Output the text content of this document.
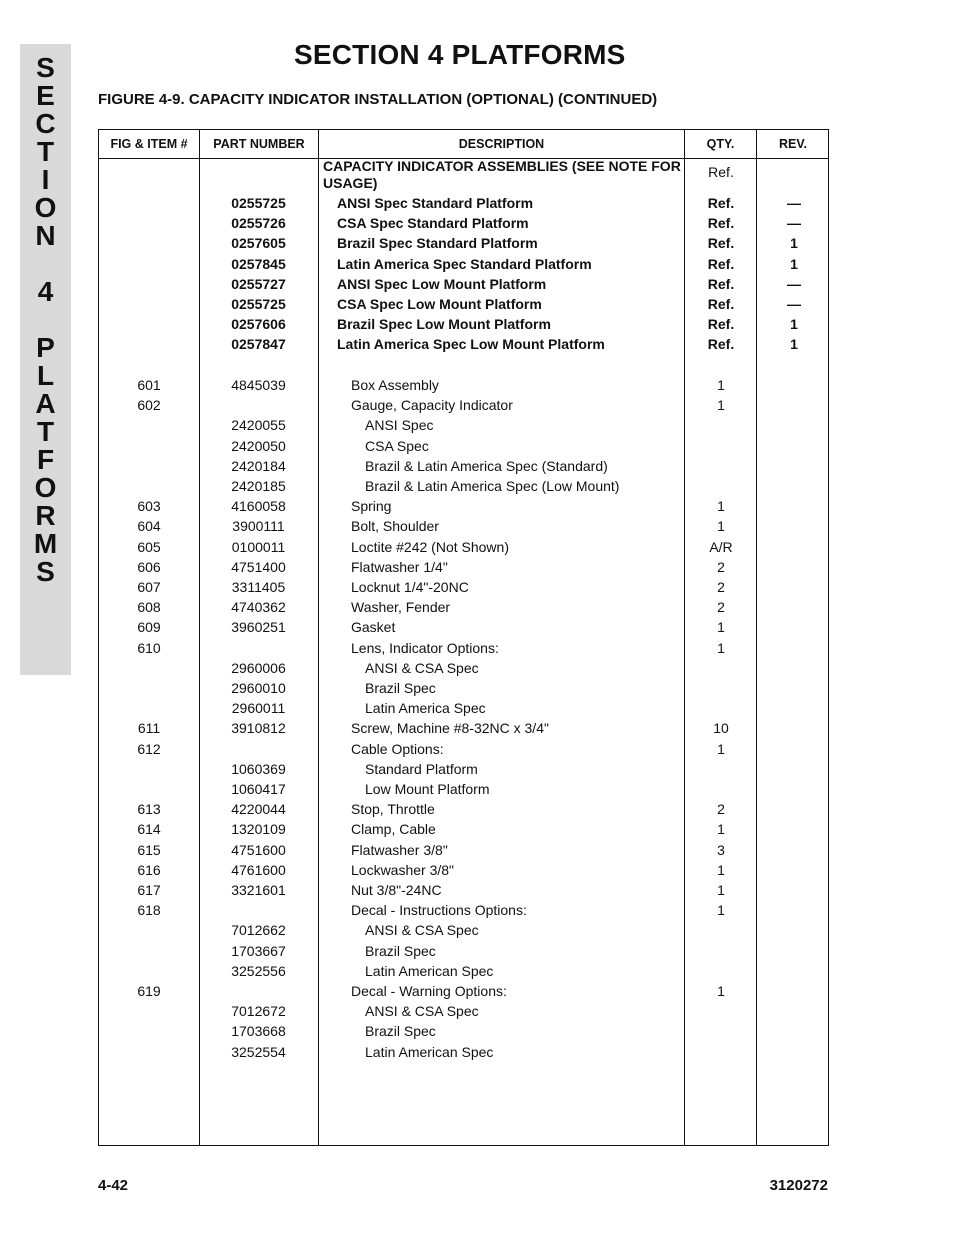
S
E
C
T
I
O
N
4
P
L
A
T
F
O
R
M
S
SECTION 4 PLATFORMS
FIGURE 4-9. CAPACITY INDICATOR INSTALLATION (OPTIONAL) (CONTINUED)
FIG & ITEM #	PART NUMBER	DESCRIPTION	QTY.	REV.
CAPACITY INDICATOR ASSEMBLIES (SEE NOTE FOR USAGE)
Ref.
0255725	ANSI Spec Standard Platform	Ref.	—
0255726	CSA Spec Standard Platform	Ref.	—
0257605	Brazil Spec Standard Platform	Ref.	1
0257845	Latin America Spec Standard Platform	Ref.	1
0255727	ANSI Spec Low Mount Platform	Ref.	—
0255725	CSA Spec Low Mount Platform	Ref.	—
0257606	Brazil Spec Low Mount Platform	Ref.	1
0257847	Latin America Spec Low Mount Platform	Ref.	1
601	4845039	Box Assembly	1
602	Gauge, Capacity Indicator	1
2420055	ANSI Spec
2420050	CSA Spec
2420184	Brazil & Latin America Spec (Standard)
2420185	Brazil & Latin America Spec (Low Mount)
603	4160058	Spring	1
604	3900111	Bolt, Shoulder	1
605	0100011	Loctite #242 (Not Shown)	A/R
606	4751400	Flatwasher 1/4"	2
607	3311405	Locknut 1/4"-20NC	2
608	4740362	Washer, Fender	2
609	3960251	Gasket	1
610	Lens, Indicator Options:	1
2960006	ANSI & CSA Spec
2960010	Brazil Spec
2960011	Latin America Spec
611	3910812	Screw, Machine #8-32NC x 3/4"	10
612	Cable Options:	1
1060369	Standard Platform
1060417	Low Mount Platform
613	4220044	Stop, Throttle	2
614	1320109	Clamp, Cable	1
615	4751600	Flatwasher 3/8"	3
616	4761600	Lockwasher 3/8"	1
617	3321601	Nut 3/8"-24NC	1
618	Decal - Instructions Options:	1
7012662	ANSI & CSA Spec
1703667	Brazil Spec
3252556	Latin American Spec
619	Decal - Warning Options:	1
7012672	ANSI & CSA Spec
1703668	Brazil Spec
3252554	Latin American Spec
4-42	3120272
